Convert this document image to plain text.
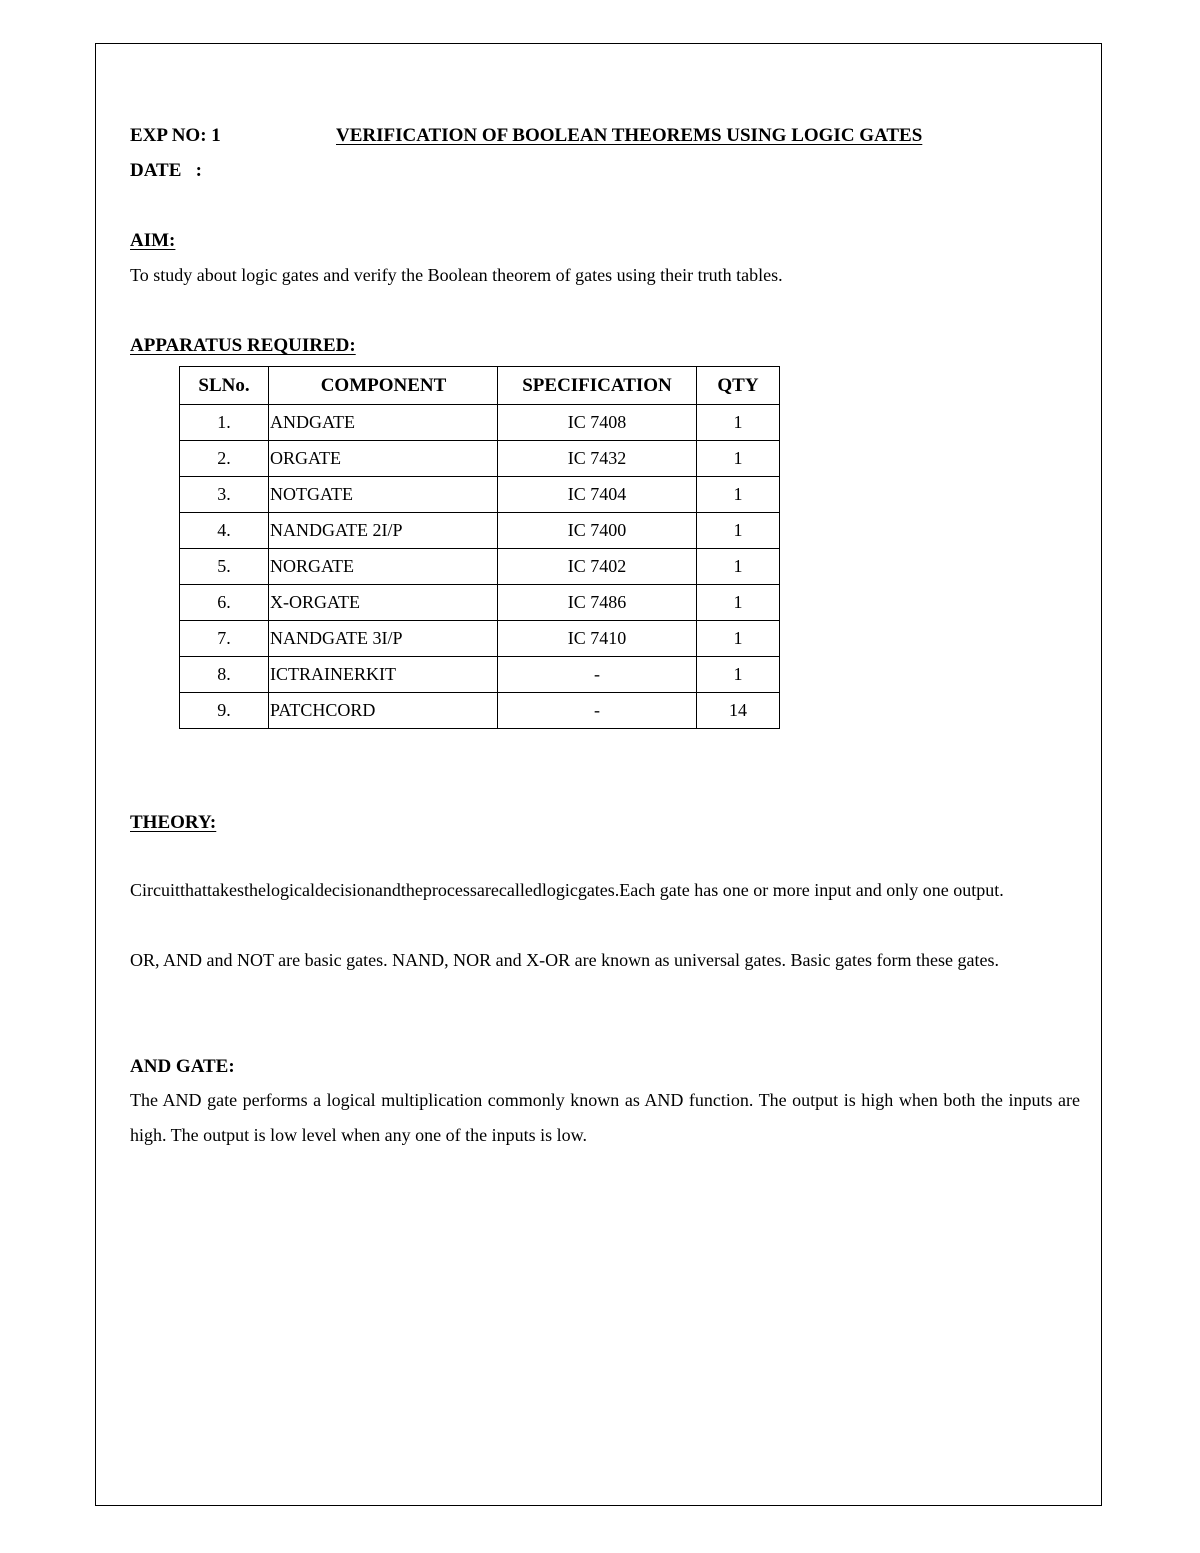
EXP NO: 1	VERIFICATION OF BOOLEAN THEOREMS USING LOGIC GATES
DATE   :
AIM:
To study about logic gates and verify the Boolean theorem of gates using their truth tables.
APPARATUS REQUIRED:
SLNo.	COMPONENT	SPECIFICATION	QTY
1.	ANDGATE	IC 7408	1
2.	ORGATE	IC 7432	1
3.	NOTGATE	IC 7404	1
4.	NANDGATE 2I/P	IC 7400	1
5.	NORGATE	IC 7402	1
6.	X-ORGATE	IC 7486	1
7.	NANDGATE 3I/P	IC 7410	1
8.	ICTRAINERKIT	-	1
9.	PATCHCORD	-	14
THEORY:
Circuitthattakesthelogicaldecisionandtheprocessarecalledlogicgates.Each gate has one or more input and only one output.
OR, AND and NOT are basic gates. NAND, NOR and X-OR are known as universal gates. Basic gates form these gates.
AND GATE:
The AND gate performs a logical multiplication commonly known as AND function. The output is high when both the inputs are high. The output is low level when any one of the inputs is low.
